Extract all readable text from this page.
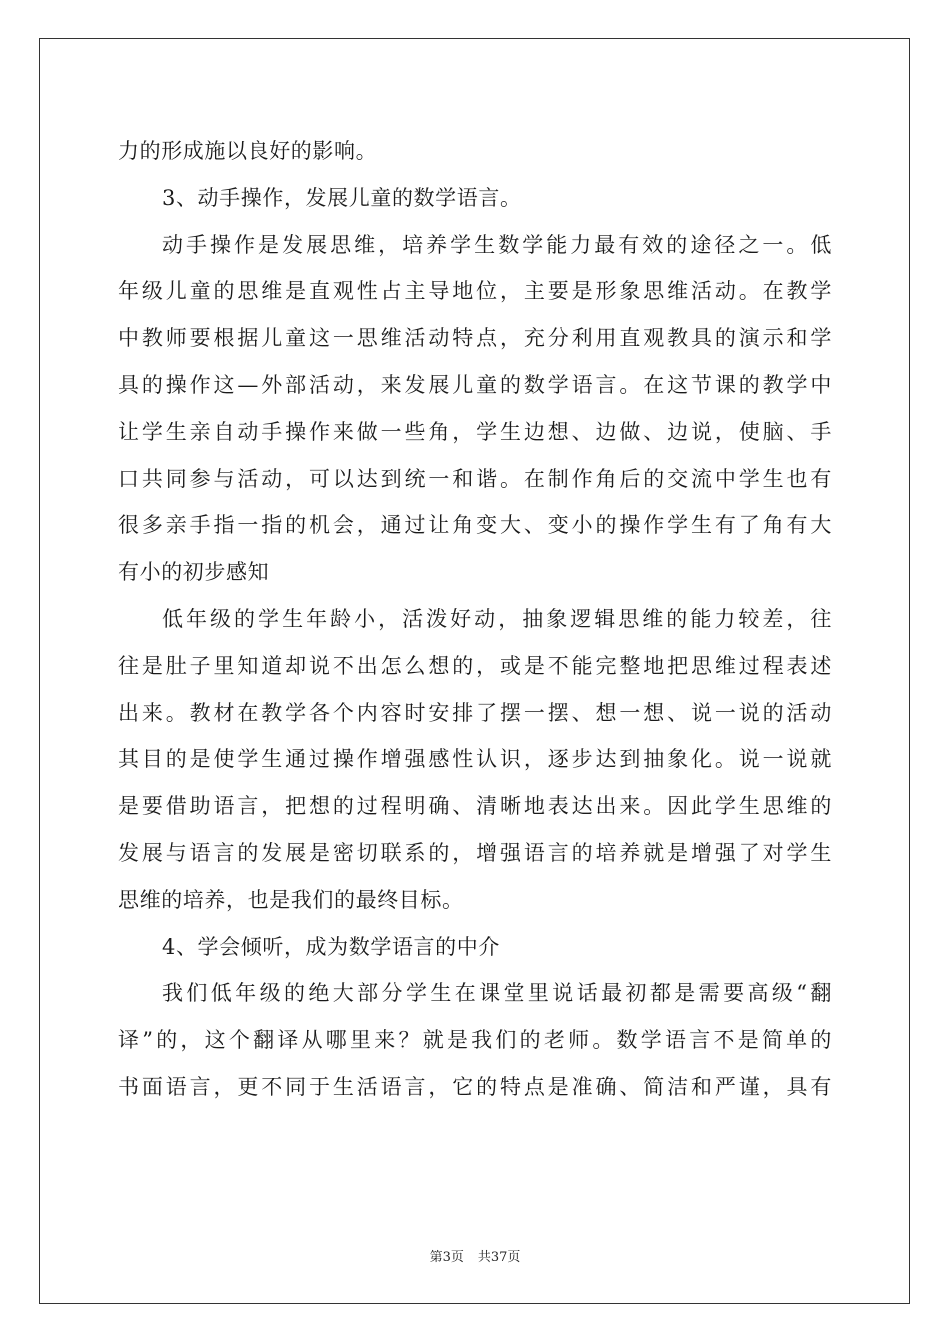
力的形成施以良好的影响。
3、动手操作，发展儿童的数学语言。
动手操作是发展思维，培养学生数学能力最有效的途径之一。低
年级儿童的思维是直观性占主导地位，主要是形象思维活动。在教学
中教师要根据儿童这一思维活动特点，充分利用直观教具的演示和学
具的操作这—外部活动，来发展儿童的数学语言。在这节课的教学中
让学生亲自动手操作来做一些角，学生边想、边做、边说，使脑、手
口共同参与活动，可以达到统一和谐。在制作角后的交流中学生也有
很多亲手指一指的机会，通过让角变大、变小的操作学生有了角有大
有小的初步感知
低年级的学生年龄小，活泼好动，抽象逻辑思维的能力较差，往
往是肚子里知道却说不出怎么想的，或是不能完整地把思维过程表述
出来。教材在教学各个内容时安排了摆一摆、想一想、说一说的活动
其目的是使学生通过操作增强感性认识，逐步达到抽象化。说一说就
是要借助语言，把想的过程明确、清晰地表达出来。因此学生思维的
发展与语言的发展是密切联系的，增强语言的培养就是增强了对学生
思维的培养，也是我们的最终目标。
4、学会倾听，成为数学语言的中介
我们低年级的绝大部分学生在课堂里说话最初都是需要高级“翻
译”的，这个翻译从哪里来？就是我们的老师。数学语言不是简单的
书面语言，更不同于生活语言，它的特点是准确、简洁和严谨，具有
第3页 共37页
